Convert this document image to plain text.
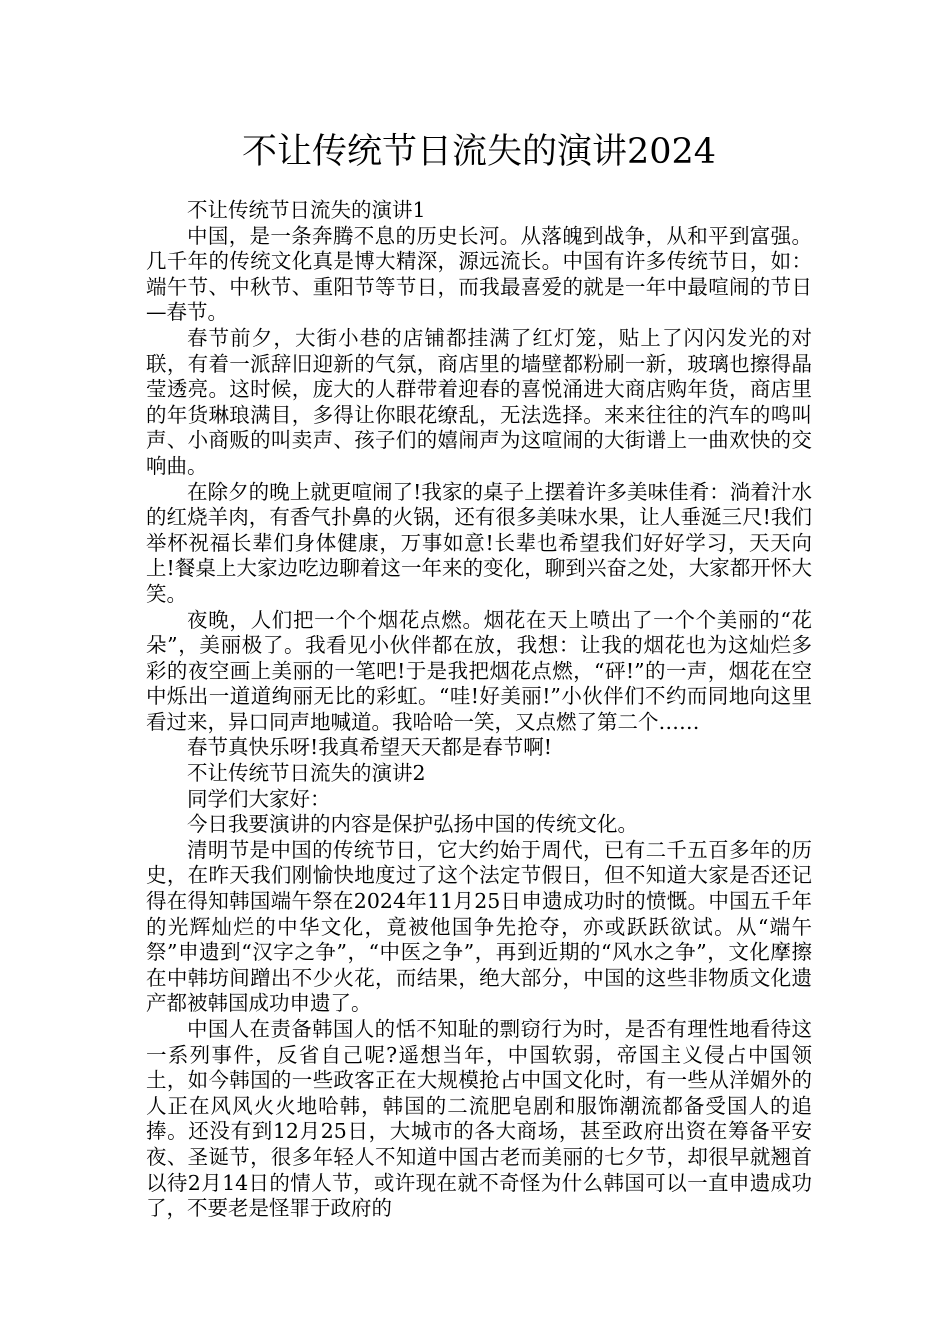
不让传统节日流失的演讲2024

不让传统节日流失的演讲1

中国，是一条奔腾不息的历史长河。从落魄到战争，从和平到富强。几千年的传统文化真是博大精深，源远流长。中国有许多传统节日，如：端午节、中秋节、重阳节等节日，而我最喜爱的就是一年中最喧闹的节日—春节。

春节前夕，大街小巷的店铺都挂满了红灯笼，贴上了闪闪发光的对联，有着一派辞旧迎新的气氛，商店里的墙壁都粉刷一新，玻璃也擦得晶莹透亮。这时候，庞大的人群带着迎春的喜悦涌进大商店购年货，商店里的年货琳琅满目，多得让你眼花缭乱，无法选择。来来往往的汽车的鸣叫声、小商贩的叫卖声、孩子们的嬉闹声为这喧闹的大街谱上一曲欢快的交响曲。

在除夕的晚上就更喧闹了!我家的桌子上摆着许多美味佳肴：淌着汁水的红烧羊肉，有香气扑鼻的火锅，还有很多美味水果，让人垂涎三尺!我们举杯祝福长辈们身体健康，万事如意!长辈也希望我们好好学习，天天向上!餐桌上大家边吃边聊着这一年来的变化，聊到兴奋之处，大家都开怀大笑。

夜晚，人们把一个个烟花点燃。烟花在天上喷出了一个个美丽的“花朵”，美丽极了。我看见小伙伴都在放，我想：让我的烟花也为这灿烂多彩的夜空画上美丽的一笔吧!于是我把烟花点燃，“砰!”的一声，烟花在空中烁出一道道绚丽无比的彩虹。“哇!好美丽!”小伙伴们不约而同地向这里看过来，异口同声地喊道。我哈哈一笑，又点燃了第二个……

春节真快乐呀!我真希望天天都是春节啊!

不让传统节日流失的演讲2

同学们大家好：

今日我要演讲的内容是保护弘扬中国的传统文化。

清明节是中国的传统节日，它大约始于周代，已有二千五百多年的历史，在昨天我们刚愉快地度过了这个法定节假日，但不知道大家是否还记得在得知韩国端午祭在2024年11月25日申遗成功时的愤慨。中国五千年的光辉灿烂的中华文化，竟被他国争先抢夺，亦或跃跃欲试。从“端午祭”申遗到“汉字之争”，“中医之争”，再到近期的“风水之争”，文化摩擦在中韩坊间蹭出不少火花，而结果，绝大部分，中国的这些非物质文化遗产都被韩国成功申遗了。

中国人在责备韩国人的恬不知耻的剽窃行为时，是否有理性地看待这一系列事件，反省自己呢?遥想当年，中国软弱，帝国主义侵占中国领土，如今韩国的一些政客正在大规模抢占中国文化时，有一些从洋媚外的人正在风风火火地哈韩，韩国的二流肥皂剧和服饰潮流都备受国人的追捧。还没有到12月25日，大城市的各大商场，甚至政府出资在筹备平安夜、圣诞节，很多年轻人不知道中国古老而美丽的七夕节，却很早就翘首以待2月14日的情人节，或许现在就不奇怪为什么韩国可以一直申遗成功了，不要老是怪罪于政府的
